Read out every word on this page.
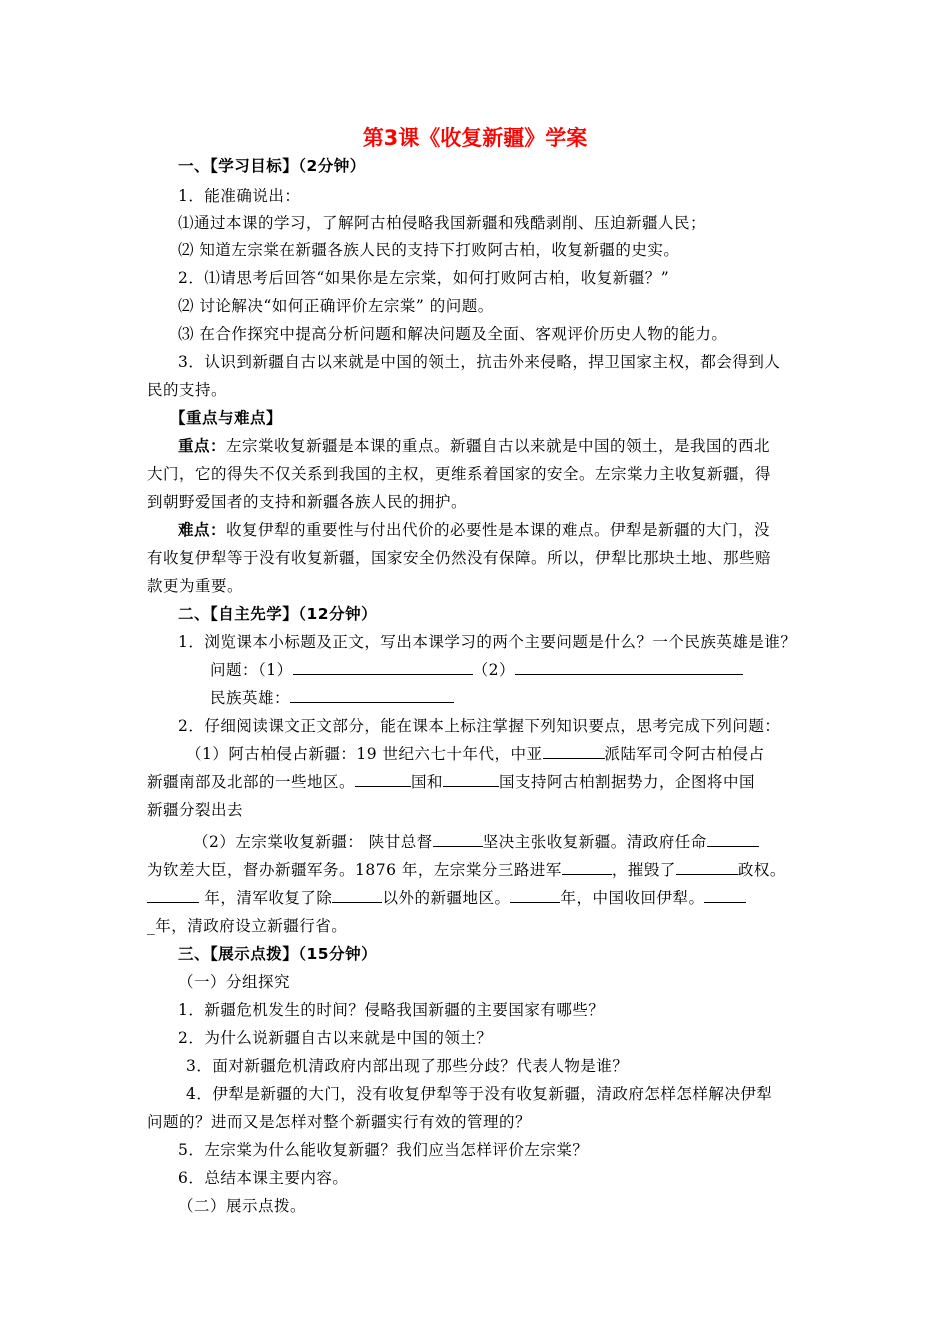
第3课《收复新疆》学案
一、【学习目标】（2分钟）
1．能准确说出：
⑴通过本课的学习，了解阿古柏侵略我国新疆和残酷剥削、压迫新疆人民；
⑵ 知道左宗棠在新疆各族人民的支持下打败阿古柏，收复新疆的史实。
2．⑴请思考后回答“如果你是左宗棠，如何打败阿古柏，收复新疆？”
⑵ 讨论解决“如何正确评价左宗棠” 的问题。
⑶ 在合作探究中提高分析问题和解决问题及全面、客观评价历史人物的能力。
3．认识到新疆自古以来就是中国的领土，抗击外来侵略，捍卫国家主权，都会得到人
民的支持。
【重点与难点】
重点：左宗棠收复新疆是本课的重点。新疆自古以来就是中国的领土，是我国的西北
大门，它的得失不仅关系到我国的主权，更维系着国家的安全。左宗棠力主收复新疆，得
到朝野爱国者的支持和新疆各族人民的拥护。
难点：收复伊犁的重要性与付出代价的必要性是本课的难点。伊犁是新疆的大门，没
有收复伊犁等于没有收复新疆，国家安全仍然没有保障。所以，伊犁比那块土地、那些赔
款更为重要。
二、【自主先学】（12分钟）
1．浏览课本小标题及正文，写出本课学习的两个主要问题是什么？一个民族英雄是谁？
问题：（1）	（2）
民族英雄：
2．仔细阅读课文正文部分，能在课本上标注掌握下列知识要点，思考完成下列问题：
（1）阿古柏侵占新疆：19 世纪六七十年代，中亚	派陆军司令阿古柏侵占
新疆南部及北部的一些地区。	国和	国支持阿古柏割据势力，企图将中国
新疆分裂出去
（2）左宗棠收复新疆： 陕甘总督	坚决主张收复新疆。清政府任命
为钦差大臣，督办新疆军务。1876 年，左宗棠分三路进军	，摧毁了	政权。
年，清军收复了除	以外的新疆地区。	年，中国收回伊犁。
_年，清政府设立新疆行省。
三、【展示点拨】（15分钟）
（一）分组探究
1．新疆危机发生的时间？侵略我国新疆的主要国家有哪些？
2．为什么说新疆自古以来就是中国的领土？
3．面对新疆危机清政府内部出现了那些分歧？代表人物是谁？
4．伊犁是新疆的大门，没有收复伊犁等于没有收复新疆，清政府怎样怎样解决伊犁
问题的？进而又是怎样对整个新疆实行有效的管理的？
5．左宗棠为什么能收复新疆？我们应当怎样评价左宗棠？
6．总结本课主要内容。
（二）展示点拨。
